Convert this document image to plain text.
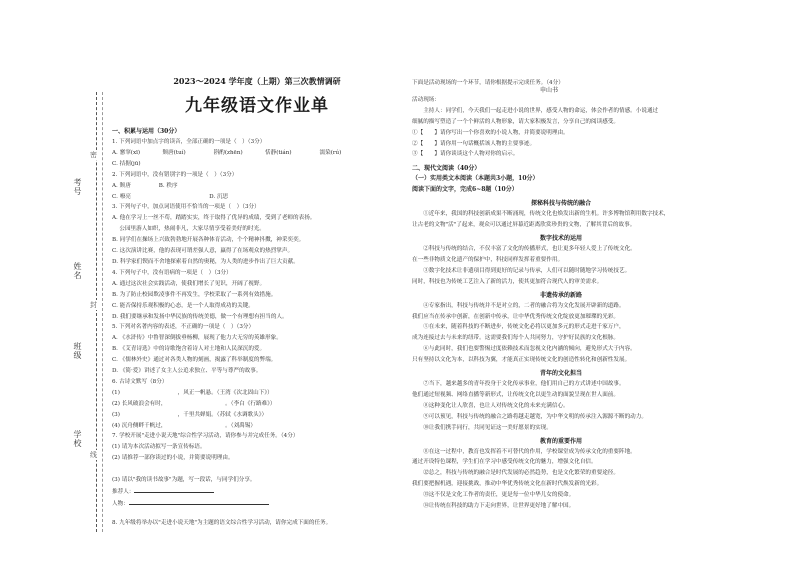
考号
姓名
班级
学校
密
封
线
2023～2024 学年度（上期）第三次教情调研
九年级语文作业单
一、积累与运用（30分）
1. 下列词语中加点字的读音，全部正确的一项是（　）（3分）
A. 窸窣(xī)　　　　颓唐(tuí)　　　　　斟酌(zhēn)　　　　恬静(tián)　　　　　濡染(rú)
C. 拮据(jū)　　　　　　　　　　　　　　　　　　　　　　　　　　　　　　　　
2. 下列词语中，没有错别字的一项是（　）（3分）
A. 颓唐　　　　　B. 秩序　　　　　　　　　　　　　　　　　　　　　　　　
C. 嘹亮　　　　　　　　　　　　　　D. 沉思　　　　　　　　　　　　　　　
3. 下列句子中，加点词语使用不恰当的一项是（　）（3分）
A. 他在学习上一丝不苟，踏踏实实，终于取得了优异的成绩，受到了老师的表扬。
　 公园里游人如织，热闹非凡，大家尽情享受着美好的时光。
B. 同学们在操场上兴致勃勃地开展各种体育活动，个个精神抖擞，神采奕奕。
C. 这次演讲比赛，他的表现可谓差强人意，赢得了在场观众的热烈掌声。
D. 科学家们锲而不舍地探索着自然的奥秘，为人类的进步作出了巨大贡献。
4. 下列句子中，没有语病的一项是（　）（3分）
A. 通过这次社会实践活动，使我们增长了见识，开阔了视野。
B. 为了防止校园欺凌事件不再发生，学校采取了一系列有效措施。
C. 能否保持乐观积极的心态，是一个人取得成功的关键。
D. 我们要继承和发扬中华民族的传统美德，做一个有理想有担当的人。
5. 下列对名著内容的表述，不正确的一项是（　）（3分）
A. 《水浒传》中鲁智深倒拔垂杨柳，展现了他力大无穷的英雄形象。
B. 《艾青诗选》中的诗歌饱含着诗人对土地和人民深沉的爱。
C. 《儒林外史》通过对各类人物的刻画，揭露了科举制度的弊端。
D. 《简·爱》讲述了女主人公追求独立、平等与尊严的故事。
6. 古诗文默写（8分）
(1) 　　　　　　　　　　，风正一帆悬。（王湾《次北固山下》）
(2) 长风破浪会有时，　　　　　　　　　　　。（李白《行路难》）
(3) 　　　　　　　　　　，千里共婵娟。（苏轼《水调歌头》）
(4) 沉舟侧畔千帆过，　　　　　　　　　　　。（刘禹锡）
7. 学校开展"走进小说天地"综合性学习活动，请你参与并完成任务。（4分）
(1) 请为本次活动拟写一条宣传标语。
(2) 请推荐一部你读过的小说，并简要说明理由。

(3) 请以"我的读书故事"为题，写一段话，与同学们分享。
推荐人：
人物：
8. 九年级将举办以"走进小说天地"为主题的语文综合性学习活动，请你完成下面的任务。
申山书
下面是活动现场的一个环节，请你根据提示完成任务。（4分）
活动现场：
　　主持人：同学们，今天我们一起走进小说的世界，感受人物的命运，体会作者的情感。小说通过
细腻的描写塑造了一个个鲜活的人物形象，请大家积极发言，分享自己的阅读感受。
①【　　】请你写出一个你喜欢的小说人物，并简要说明理由。
②【　　】请你用一句话概括该人物的主要事迹。
③【　　】请你谈谈这个人物对你的启示。
二、现代文阅读（40分）
（一）实用类文本阅读（本题共3小题，10分）
阅读下面的文字，完成6~8题（10分）
探秘科技与传统的融合
　　①近年来，我国的科技创新成果不断涌现，传统文化也焕发出新的生机。许多博物馆利用数字技术，
让古老的文物"活"了起来，观众可以通过屏幕近距离欣赏珍贵的文物，了解其背后的故事。
数字技术的运用
　　②科技与传统的结合，不仅丰富了文化的传播形式，也让更多年轻人爱上了传统文化。
在一些非物质文化遗产的保护中，科技同样发挥着重要作用。
　　③数字化技术让非遗项目得到更好的记录与传承，人们可以随时随地学习传统技艺。
同时，科技也为传统工艺注入了新的活力，使其更加符合现代人的审美需求。
非遗传承的新路
　　④专家指出，科技与传统并不是对立的，二者的融合将为文化发展开辟新的道路。
我们应当在传承中创新，在创新中传承，让中华优秀传统文化绽放更加璀璨的光彩。
　　⑤在未来，随着科技的不断进步，传统文化必将以更加多元的形式走进千家万户，
成为连接过去与未来的纽带。这需要我们每个人共同努力，守护好民族的文化根脉。
　　⑥与此同时，我们也要警惕过度依赖技术而忽视文化内涵的倾向，避免形式大于内容。
只有坚持以文化为本，以科技为翼，才能真正实现传统文化的创造性转化和创新性发展。
青年的文化担当
　　⑦当下，越来越多的青年投身于文化传承事业，他们用自己的方式讲述中国故事。
他们通过短视频、网络直播等新形式，让传统文化以更生动的面貌呈现在世人面前。
　　⑧这种变化让人欣喜，也让人对传统文化的未来充满信心。
　　⑨可以预见，科技与传统的融合之路将越走越宽，为中华文明的传承注入源源不断的动力。
　　⑩让我们携手同行，共同见证这一美好愿景的实现。
教育的重要作用
　　⑪在这一过程中，教育也发挥着不可替代的作用，学校课堂成为传承文化的重要阵地。
通过开设特色课程，学生们在学习中感受传统文化的魅力，增强文化自信。
　　⑫总之，科技与传统的融合是时代发展的必然趋势，也是文化繁荣的重要途径。
我们要把握机遇，迎接挑战，推动中华优秀传统文化在新时代焕发新的光彩。
　　⑬这不仅是文化工作者的责任，更是每一位中华儿女的使命。
　　⑭让传统在科技的助力下走向世界，让世界更好地了解中国。
